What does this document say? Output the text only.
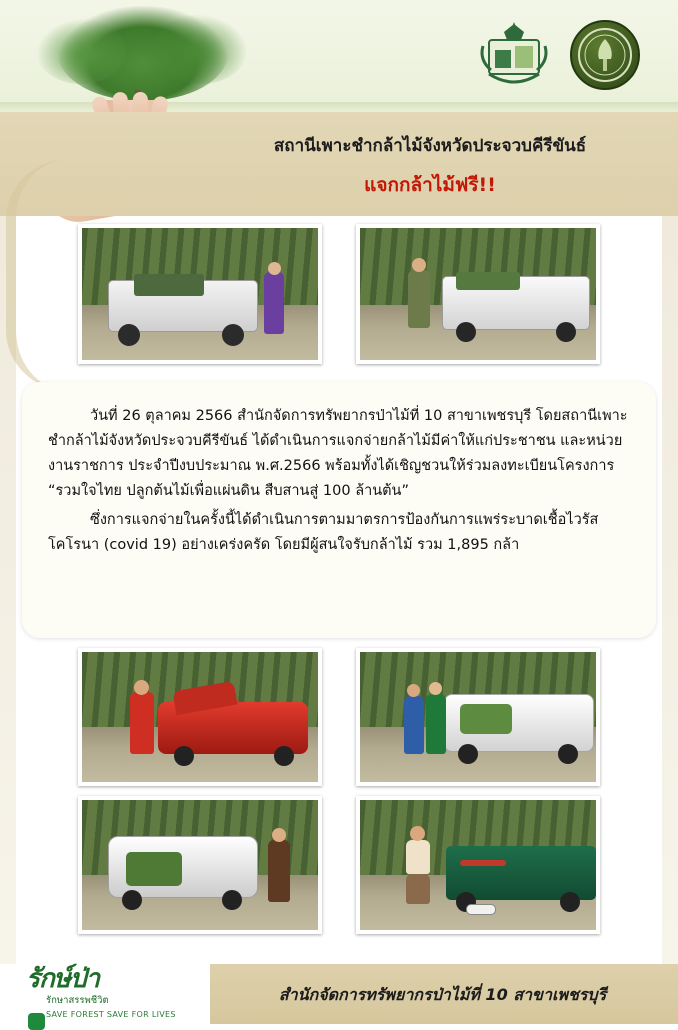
สถานีเพาะชำกล้าไม้จังหวัดประจวบคีรีขันธ์
แจกกล้าไม้ฟรี!!

วันที่ 26 ตุลาคม 2566 สำนักจัดการทรัพยากรป่าไม้ที่ 10 สาขาเพชรบุรี โดยสถานีเพาะชำกล้าไม้จังหวัดประจวบคีรีขันธ์ ได้ดำเนินการแจกจ่ายกล้าไม้มีค่าให้แก่ประชาชน และหน่วยงานราชการ ประจำปีงบประมาณ พ.ศ.2566 พร้อมทั้งได้เชิญชวนให้ร่วมลงทะเบียนโครงการ “รวมใจไทย ปลูกต้นไม้เพื่อแผ่นดิน สืบสานสู่ 100 ล้านต้น”

ซึ่งการแจกจ่ายในครั้งนี้ได้ดำเนินการตามมาตรการป้องกันการแพร่ระบาดเชื้อไวรัสโคโรนา (covid 19) อย่างเคร่งครัด โดยมีผู้สนใจรับกล้าไม้ รวม 1,895 กล้า

รักษ์ป่า
รักษาสรรพชีวิต
SAVE FOREST SAVE FOR LIVES
สำนักจัดการทรัพยากรป่าไม้ที่ 10 สาขาเพชรบุรี
